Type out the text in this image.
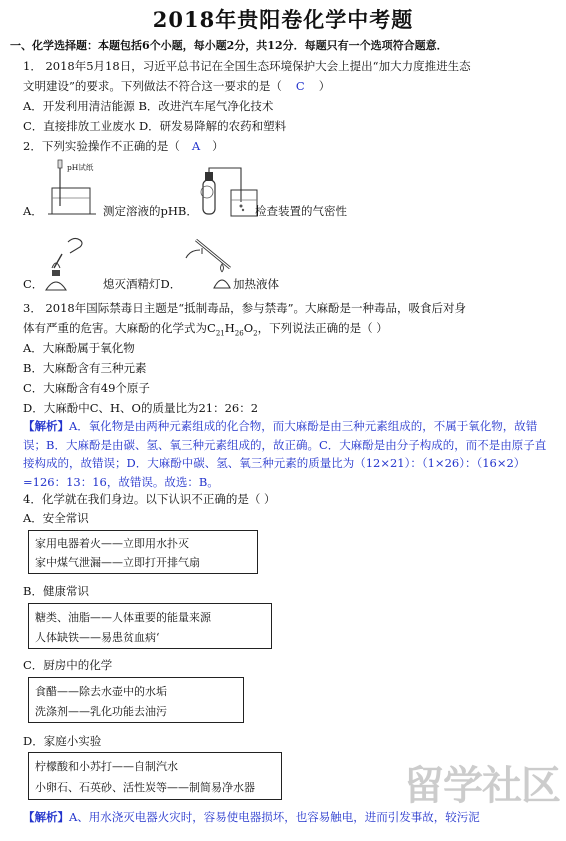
2018年贵阳卷化学中考题
一、化学选择题：本题包括6个小题，每小题2分，共12分．每题只有一个选项符合题意．
1． 2018年5月18日，习近平总书记在全国生态环境保护大会上提出“加大力度推进生态
文明建设”的要求。下列做法不符合这一要求的是（ C ）
A．开发利用清洁能源 B．改进汽车尾气净化技术
C．直接排放工业废水 D．研发易降解的农药和塑料
2．下列实验操作不正确的是（ A ）
pH试纸
A．	测定溶液的pHB．	检查装置的气密性
C．	熄灭酒精灯D．	加热液体
3． 2018年国际禁毒日主题是“抵制毒品，参与禁毒”。大麻酚是一种毒品，吸食后对身
体有严重的危害。大麻酚的化学式为$C_{21}H_{26}O_2$，下列说法正确的是（ ）
A．大麻酚属于氧化物
B．大麻酚含有三种元素
C．大麻酚含有49个原子
D．大麻酚中C、H、O的质量比为21：26：2
【解析】A．氧化物是由两种元素组成的化合物，而大麻酚是由三种元素组成的，不属于氧化物，故错误；B．大麻酚是由碳、氢、氧三种元素组成的，故正确。C．大麻酚是由分子构成的，而不是由原子直接构成的，故错误；D．大麻酚中碳、氢、氧三种元素的质量比为（12×21）：（1×26）：（16×2）=126：13：16，故错误。故选：B。
4．化学就在我们身边。以下认识不正确的是（ ）
A．安全常识
家用电器着火——立即用水扑灭
家中煤气泄漏——立即打开排气扇
B．健康常识
糖类、油脂——人体重要的能量来源
人体缺铁——易患贫血病‘
C．厨房中的化学
食醋——除去水壶中的水垢
洗涤剂——乳化功能去油污
D．家庭小实验
柠檬酸和小苏打——自制汽水
小卵石、石英砂、活性炭等——制简易净水器
【解析】A、用水浇灭电器火灾时，容易使电器损坏，也容易触电，进而引发事故，较污泥
留学社区
